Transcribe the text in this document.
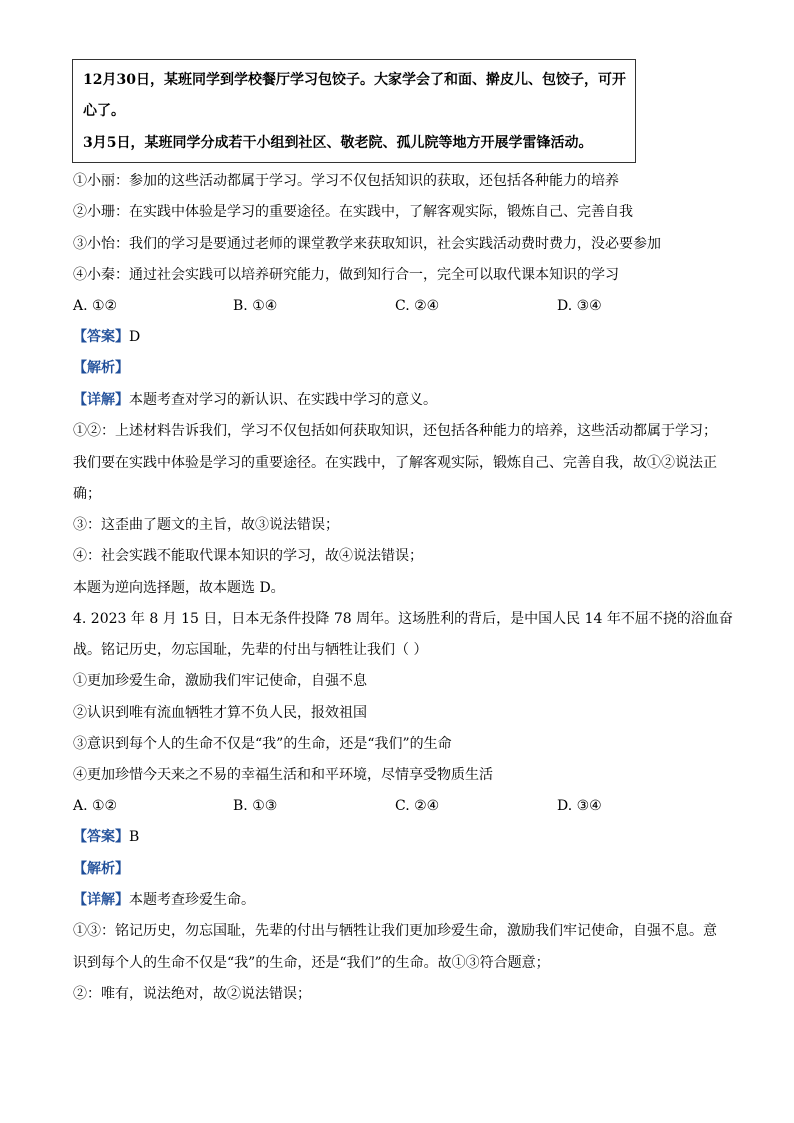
12月30日，某班同学到学校餐厅学习包饺子。大家学会了和面、擀皮儿、包饺子，可开
心了。
3月5日，某班同学分成若干小组到社区、敬老院、孤儿院等地方开展学雷锋活动。
①小丽：参加的这些活动都属于学习。学习不仅包括知识的获取，还包括各种能力的培养
②小珊：在实践中体验是学习的重要途径。在实践中，了解客观实际，锻炼自己、完善自我
③小怡：我们的学习是要通过老师的课堂教学来获取知识，社会实践活动费时费力，没必要参加
④小秦：通过社会实践可以培养研究能力，做到知行合一，完全可以取代课本知识的学习
A. ①②	B. ①④	C. ②④	D. ③④
【答案】D
【解析】
【详解】本题考查对学习的新认识、在实践中学习的意义。
①②：上述材料告诉我们，学习不仅包括如何获取知识，还包括各种能力的培养，这些活动都属于学习；
我们要在实践中体验是学习的重要途径。在实践中，了解客观实际，锻炼自己、完善自我，故①②说法正
确；
③：这歪曲了题文的主旨，故③说法错误；
④：社会实践不能取代课本知识的学习，故④说法错误；
本题为逆向选择题，故本题选 D。
4. 2023 年 8 月 15 日，日本无条件投降 78 周年。这场胜利的背后，是中国人民 14 年不屈不挠的浴血奋
战。铭记历史，勿忘国耻，先辈的付出与牺牲让我们（ ）
①更加珍爱生命，激励我们牢记使命，自强不息
②认识到唯有流血牺牲才算不负人民，报效祖国
③意识到每个人的生命不仅是“我”的生命，还是“我们”的生命
④更加珍惜今天来之不易的幸福生活和和平环境，尽情享受物质生活
A. ①②	B. ①③	C. ②④	D. ③④
【答案】B
【解析】
【详解】本题考查珍爱生命。
①③：铭记历史，勿忘国耻，先辈的付出与牺牲让我们更加珍爱生命，激励我们牢记使命，自强不息。意
识到每个人的生命不仅是“我”的生命，还是“我们”的生命。故①③符合题意；
②：唯有，说法绝对，故②说法错误；
